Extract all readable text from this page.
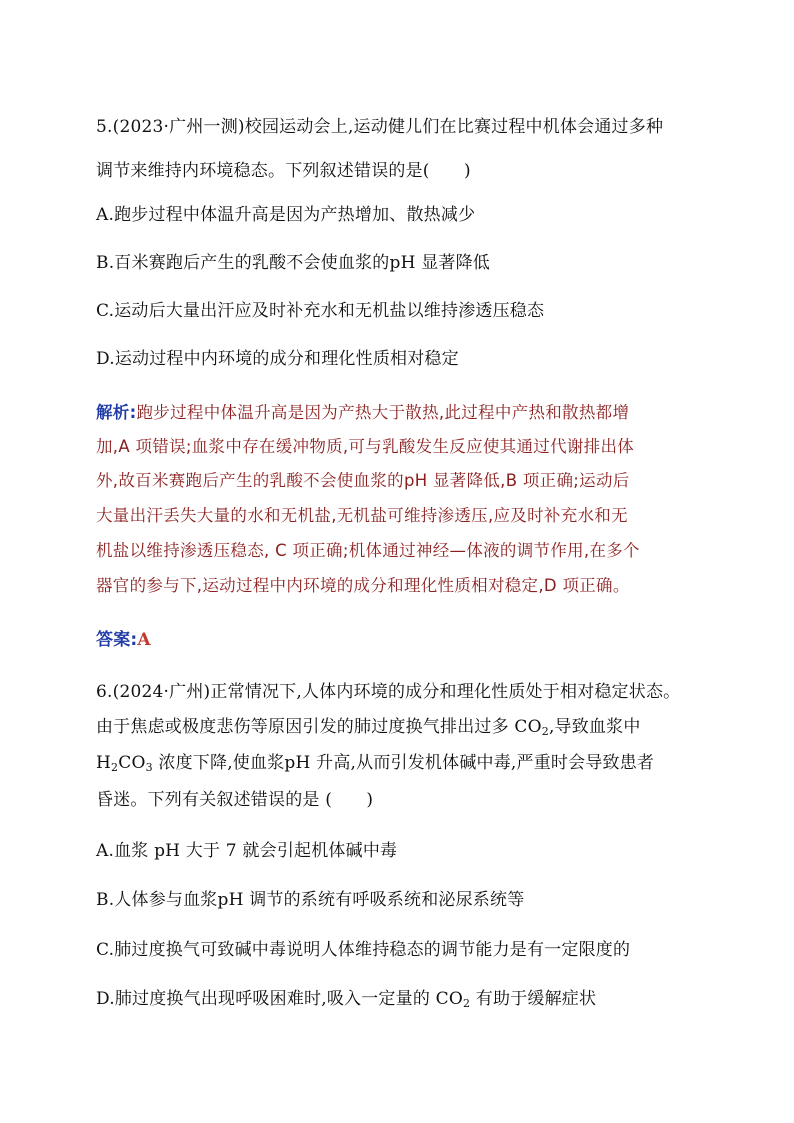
5.(2023·广州一测)校园运动会上,运动健儿们在比赛过程中机体会通过多种
调节来维持内环境稳态。下列叙述错误的是(　　)
A.跑步过程中体温升高是因为产热增加、散热减少
B.百米赛跑后产生的乳酸不会使血浆的pH 显著降低
C.运动后大量出汗应及时补充水和无机盐以维持渗透压稳态
D.运动过程中内环境的成分和理化性质相对稳定
解析:跑步过程中体温升高是因为产热大于散热,此过程中产热和散热都增
加,A 项错误;血浆中存在缓冲物质,可与乳酸发生反应使其通过代谢排出体
外,故百米赛跑后产生的乳酸不会使血浆的pH 显著降低,B 项正确;运动后
大量出汗丢失大量的水和无机盐,无机盐可维持渗透压,应及时补充水和无
机盐以维持渗透压稳态, C 项正确;机体通过神经—体液的调节作用,在多个
器官的参与下,运动过程中内环境的成分和理化性质相对稳定,D 项正确。
答案:A
6.(2024·广州)正常情况下,人体内环境的成分和理化性质处于相对稳定状态。
由于焦虑或极度悲伤等原因引发的肺过度换气排出过多 $CO_2$,导致血浆中
$H_2CO_3$ 浓度下降,使血浆pH 升高,从而引发机体碱中毒,严重时会导致患者
昏迷。下列有关叙述错误的是 (　　)
A.血浆 pH 大于 7 就会引起机体碱中毒
B.人体参与血浆pH 调节的系统有呼吸系统和泌尿系统等
C.肺过度换气可致碱中毒说明人体维持稳态的调节能力是有一定限度的
D.肺过度换气出现呼吸困难时,吸入一定量的 $CO_2$ 有助于缓解症状
